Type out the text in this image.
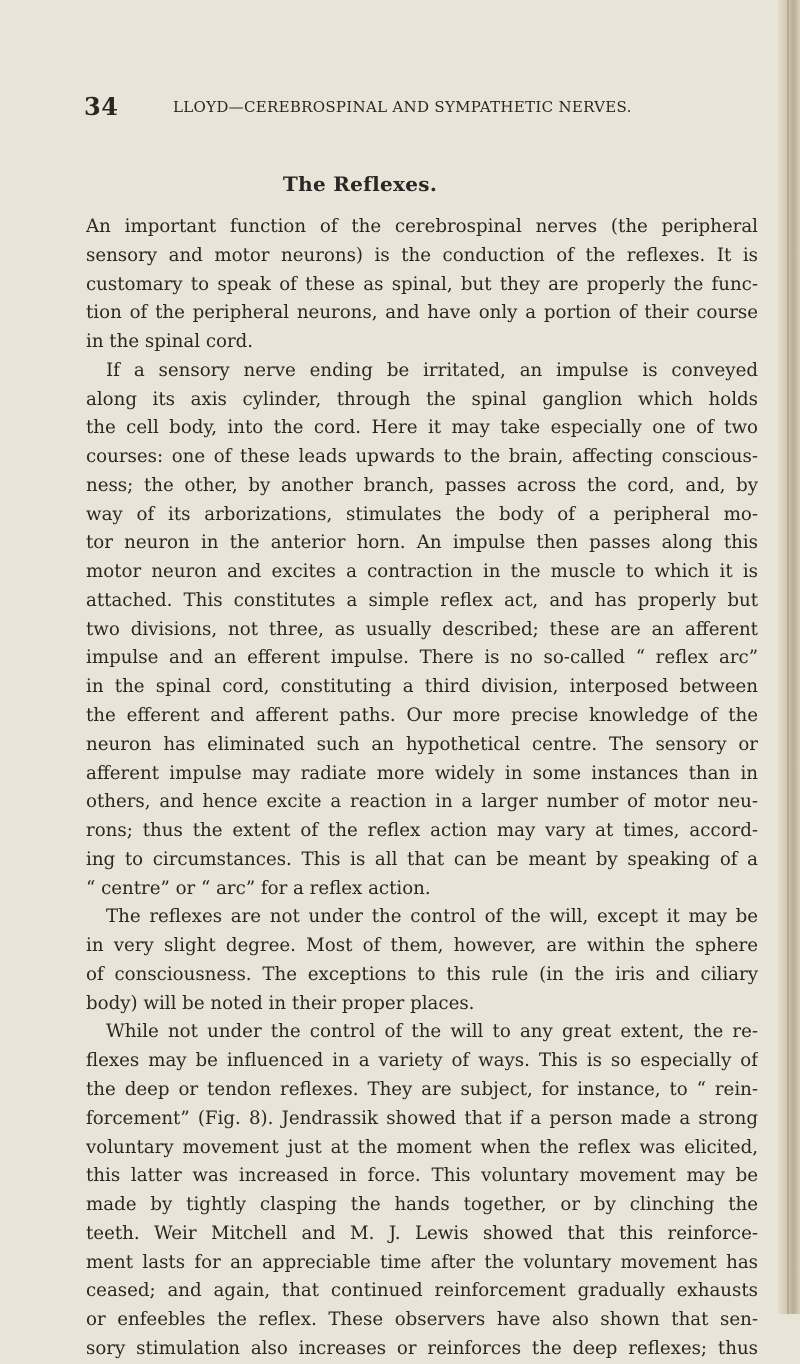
34	LLOYD—CEREBROSPINAL AND SYMPATHETIC NERVES.
The Reflexes.
An important function of the cerebrospinal nerves (the peripheral
sensory and motor neurons) is the conduction of the reflexes. It is
customary to speak of these as spinal, but they are properly the func-
tion of the peripheral neurons, and have only a portion of their course
in the spinal cord.
If a sensory nerve ending be irritated, an impulse is conveyed
along its axis cylinder, through the spinal ganglion which holds
the cell body, into the cord. Here it may take especially one of two
courses: one of these leads upwards to the brain, affecting conscious-
ness; the other, by another branch, passes across the cord, and, by
way of its arborizations, stimulates the body of a peripheral mo-
tor neuron in the anterior horn. An impulse then passes along this
motor neuron and excites a contraction in the muscle to which it is
attached. This constitutes a simple reflex act, and has properly but
two divisions, not three, as usually described; these are an afferent
impulse and an efferent impulse. There is no so-called “ reflex arc”
in the spinal cord, constituting a third division, interposed between
the efferent and afferent paths. Our more precise knowledge of the
neuron has eliminated such an hypothetical centre. The sensory or
afferent impulse may radiate more widely in some instances than in
others, and hence excite a reaction in a larger number of motor neu-
rons; thus the extent of the reflex action may vary at times, accord-
ing to circumstances. This is all that can be meant by speaking of a
“ centre” or “ arc” for a reflex action.
The reflexes are not under the control of the will, except it may be
in very slight degree. Most of them, however, are within the sphere
of consciousness. The exceptions to this rule (in the iris and ciliary
body) will be noted in their proper places.
While not under the control of the will to any great extent, the re-
flexes may be influenced in a variety of ways. This is so especially of
the deep or tendon reflexes. They are subject, for instance, to “ rein-
forcement” (Fig. 8). Jendrassik showed that if a person made a strong
voluntary movement just at the moment when the reflex was elicited,
this latter was increased in force. This voluntary movement may be
made by tightly clasping the hands together, or by clinching the
teeth. Weir Mitchell and M. J. Lewis showed that this reinforce-
ment lasts for an appreciable time after the voluntary movement has
ceased; and again, that continued reinforcement gradually exhausts
or enfeebles the reflex. These observers have also shown that sen-
sory stimulation also increases or reinforces the deep reflexes; thus
